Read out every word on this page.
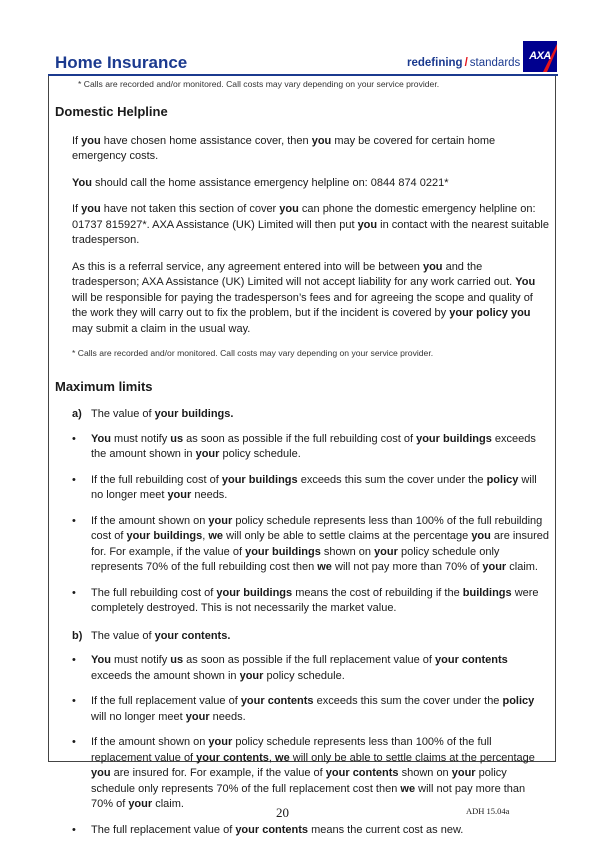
Home Insurance	redefining / standards
AXA
* Calls are recorded and/or monitored. Call costs may vary depending on your service provider.
Domestic Helpline

If you have chosen home assistance cover, then you may be covered for certain home emergency costs.

You should call the home assistance emergency helpline on: 0844 874 0221*

If you have not taken this section of cover you can phone the domestic emergency helpline on: 01737 815927*. AXA Assistance (UK) Limited will then put you in contact with the nearest suitable tradesperson.

As this is a referral service, any agreement entered into will be between you and the tradesperson; AXA Assistance (UK) Limited will not accept liability for any work carried out. You will be responsible for paying the tradesperson’s fees and for agreeing the scope and quality of the work they will carry out to fix the problem, but if the incident is covered by your policy you may submit a claim in the usual way.

* Calls are recorded and/or monitored. Call costs may vary depending on your service provider.

Maximum limits
a) The value of your buildings.
•	You must notify us as soon as possible if the full rebuilding cost of your buildings exceeds the amount shown in your policy schedule.
•	If the full rebuilding cost of your buildings exceeds this sum the cover under the policy will no longer meet your needs.
•	If the amount shown on your policy schedule represents less than 100% of the full rebuilding cost of your buildings, we will only be able to settle claims at the percentage you are insured for. For example, if the value of your buildings shown on your policy schedule only represents 70% of the full rebuilding cost then we will not pay more than 70% of your claim.
•	The full rebuilding cost of your buildings means the cost of rebuilding if the buildings were completely destroyed. This is not necessarily the market value.
b) The value of your contents.
•	You must notify us as soon as possible if the full replacement value of your contents exceeds the amount shown in your policy schedule.
•	If the full replacement value of your contents exceeds this sum the cover under the policy will no longer meet your needs.
•	If the amount shown on your policy schedule represents less than 100% of the full replacement value of your contents, we will only be able to settle claims at the percentage you are insured for. For example, if the value of your contents shown on your policy schedule only represents 70% of the full replacement cost then we will not pay more than 70% of your claim.
•	The full replacement value of your contents means the current cost as new.
20	ADH 15.04a
